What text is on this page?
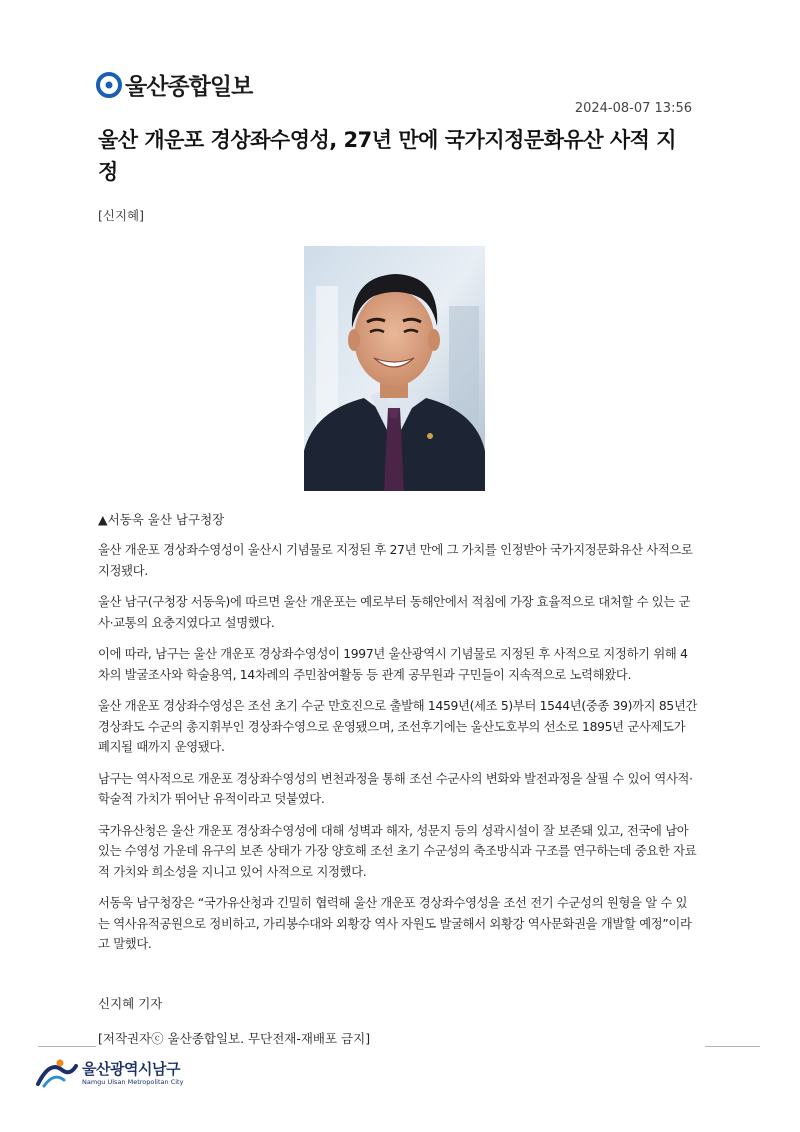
울산종합일보
2024-08-07 13:56
울산 개운포 경상좌수영성, 27년 만에 국가지정문화유산 사적 지정
[신지혜]
▲서동욱 울산 남구청장

울산 개운포 경상좌수영성이 울산시 기념물로 지정된 후 27년 만에 그 가치를 인정받아 국가지정문화유산 사적으로 지정됐다.

울산 남구(구청장 서동욱)에 따르면 울산 개운포는 예로부터 동해안에서 적침에 가장 효율적으로 대처할 수 있는 군사·교통의 요충지였다고 설명했다.

이에 따라, 남구는 울산 개운포 경상좌수영성이 1997년 울산광역시 기념물로 지정된 후 사적으로 지정하기 위해 4차의 발굴조사와 학술용역, 14차례의 주민참여활동 등 관계 공무원과 구민들이 지속적으로 노력해왔다.

울산 개운포 경상좌수영성은 조선 초기 수군 만호진으로 출발해 1459년(세조 5)부터 1544년(중종 39)까지 85년간 경상좌도 수군의 총지휘부인 경상좌수영으로 운영됐으며, 조선후기에는 울산도호부의 선소로 1895년 군사제도가 폐지될 때까지 운영됐다.

남구는 역사적으로 개운포 경상좌수영성의 변천과정을 통해 조선 수군사의 변화와 발전과정을 살필 수 있어 역사적·학술적 가치가 뛰어난 유적이라고 덧붙였다.

국가유산청은 울산 개운포 경상좌수영성에 대해 성벽과 해자, 성문지 등의 성곽시설이 잘 보존돼 있고, 전국에 남아있는 수영성 가운데 유구의 보존 상태가 가장 양호해 조선 초기 수군성의 축조방식과 구조를 연구하는데 중요한 자료적 가치와 희소성을 지니고 있어 사적으로 지정했다.

서동욱 남구청장은 “국가유산청과 긴밀히 협력해 울산 개운포 경상좌수영성을 조선 전기 수군성의 원형을 알 수 있는 역사유적공원으로 정비하고, 가리봉수대와 외황강 역사 자원도 발굴해서 외황강 역사문화권을 개발할 예정”이라고 말했다.

신지혜 기자
[저작권자ⓒ 울산종합일보. 무단전재-재배포 금지]
울산광역시남구
Namgu Ulsan Metropolitan City
